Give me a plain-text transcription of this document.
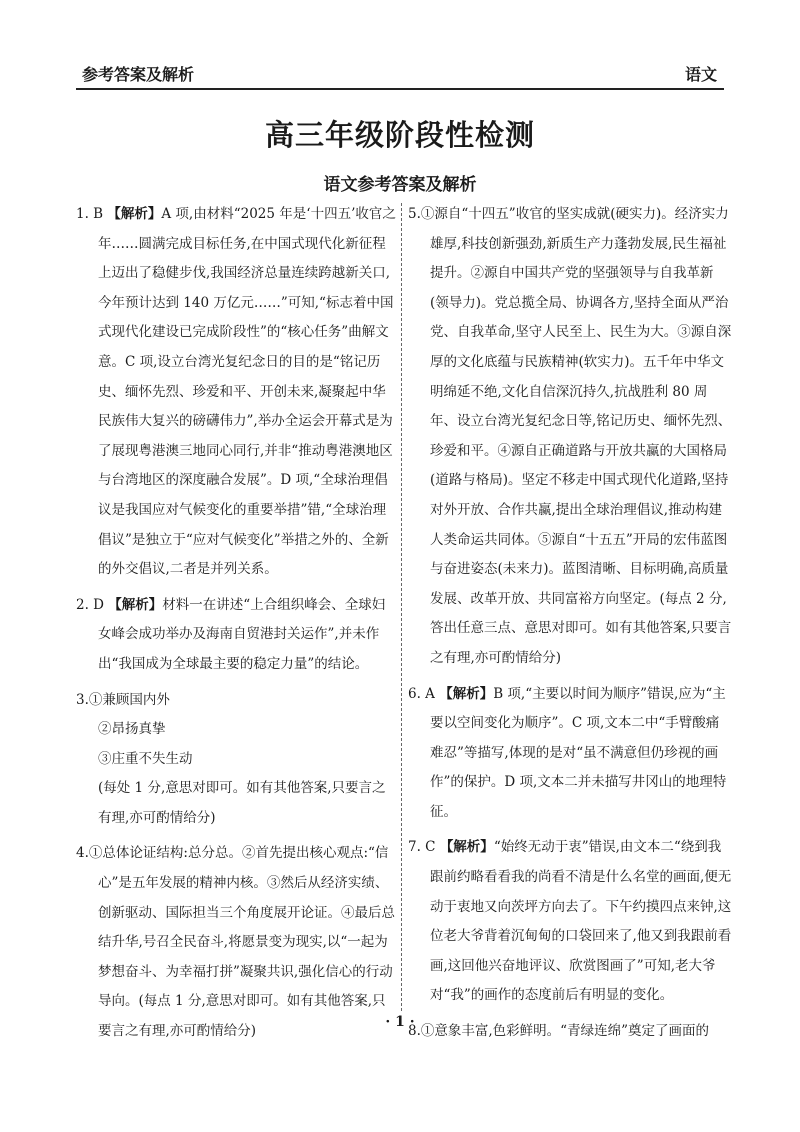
参考答案及解析	语文
高三年级阶段性检测
语文参考答案及解析

1. B 【解析】A 项,由材料“2025 年是‘十四五’收官之年……圆满完成目标任务,在中国式现代化新征程上迈出了稳健步伐,我国经济总量连续跨越新关口,今年预计达到 140 万亿元……”可知,“标志着中国式现代化建设已完成阶段性”的“核心任务”曲解文意。C 项,设立台湾光复纪念日的目的是“铭记历史、缅怀先烈、珍爱和平、开创未来,凝聚起中华民族伟大复兴的磅礴伟力”,举办全运会开幕式是为了展现粤港澳三地同心同行,并非“推动粤港澳地区与台湾地区的深度融合发展”。D 项,“全球治理倡议是我国应对气候变化的重要举措”错,“全球治理倡议”是独立于“应对气候变化”举措之外的、全新的外交倡议,二者是并列关系。

2. D 【解析】材料一在讲述“上合组织峰会、全球妇女峰会成功举办及海南自贸港封关运作”,并未作出“我国成为全球最主要的稳定力量”的结论。

3.①兼顾国内外

②昂扬真挚

③庄重不失生动

(每处 1 分,意思对即可。如有其他答案,只要言之有理,亦可酌情给分)

4.①总体论证结构:总分总。②首先提出核心观点:“信心”是五年发展的精神内核。③然后从经济实绩、创新驱动、国际担当三个角度展开论证。④最后总结升华,号召全民奋斗,将愿景变为现实,以“一起为梦想奋斗、为幸福打拼”凝聚共识,强化信心的行动导向。(每点 1 分,意思对即可。如有其他答案,只要言之有理,亦可酌情给分)

5.①源自“十四五”收官的坚实成就(硬实力)。经济实力雄厚,科技创新强劲,新质生产力蓬勃发展,民生福祉提升。②源自中国共产党的坚强领导与自我革新(领导力)。党总揽全局、协调各方,坚持全面从严治党、自我革命,坚守人民至上、民生为大。③源自深厚的文化底蕴与民族精神(软实力)。五千年中华文明绵延不绝,文化自信深沉持久,抗战胜利 80 周年、设立台湾光复纪念日等,铭记历史、缅怀先烈、珍爱和平。④源自正确道路与开放共赢的大国格局(道路与格局)。坚定不移走中国式现代化道路,坚持对外开放、合作共赢,提出全球治理倡议,推动构建人类命运共同体。⑤源自“十五五”开局的宏伟蓝图与奋进姿态(未来力)。蓝图清晰、目标明确,高质量发展、改革开放、共同富裕方向坚定。(每点 2 分,答出任意三点、意思对即可。如有其他答案,只要言之有理,亦可酌情给分)

6. A 【解析】B 项,“主要以时间为顺序”错误,应为“主要以空间变化为顺序”。C 项,文本二中“手臂酸痛难忍”等描写,体现的是对“虽不满意但仍珍视的画作”的保护。D 项,文本二并未描写井冈山的地理特征。

7. C 【解析】“始终无动于衷”错误,由文本二“绕到我跟前约略看看我的尚看不清是什么名堂的画面,便无动于衷地又向茨坪方向去了。下午约摸四点来钟,这位老大爷背着沉甸甸的口袋回来了,他又到我跟前看画,这回他兴奋地评议、欣赏图画了”可知,老大爷对“我”的画作的态度前后有明显的变化。

8.①意象丰富,色彩鲜明。“青绿连绵”奠定了画面的

· 1 ·
